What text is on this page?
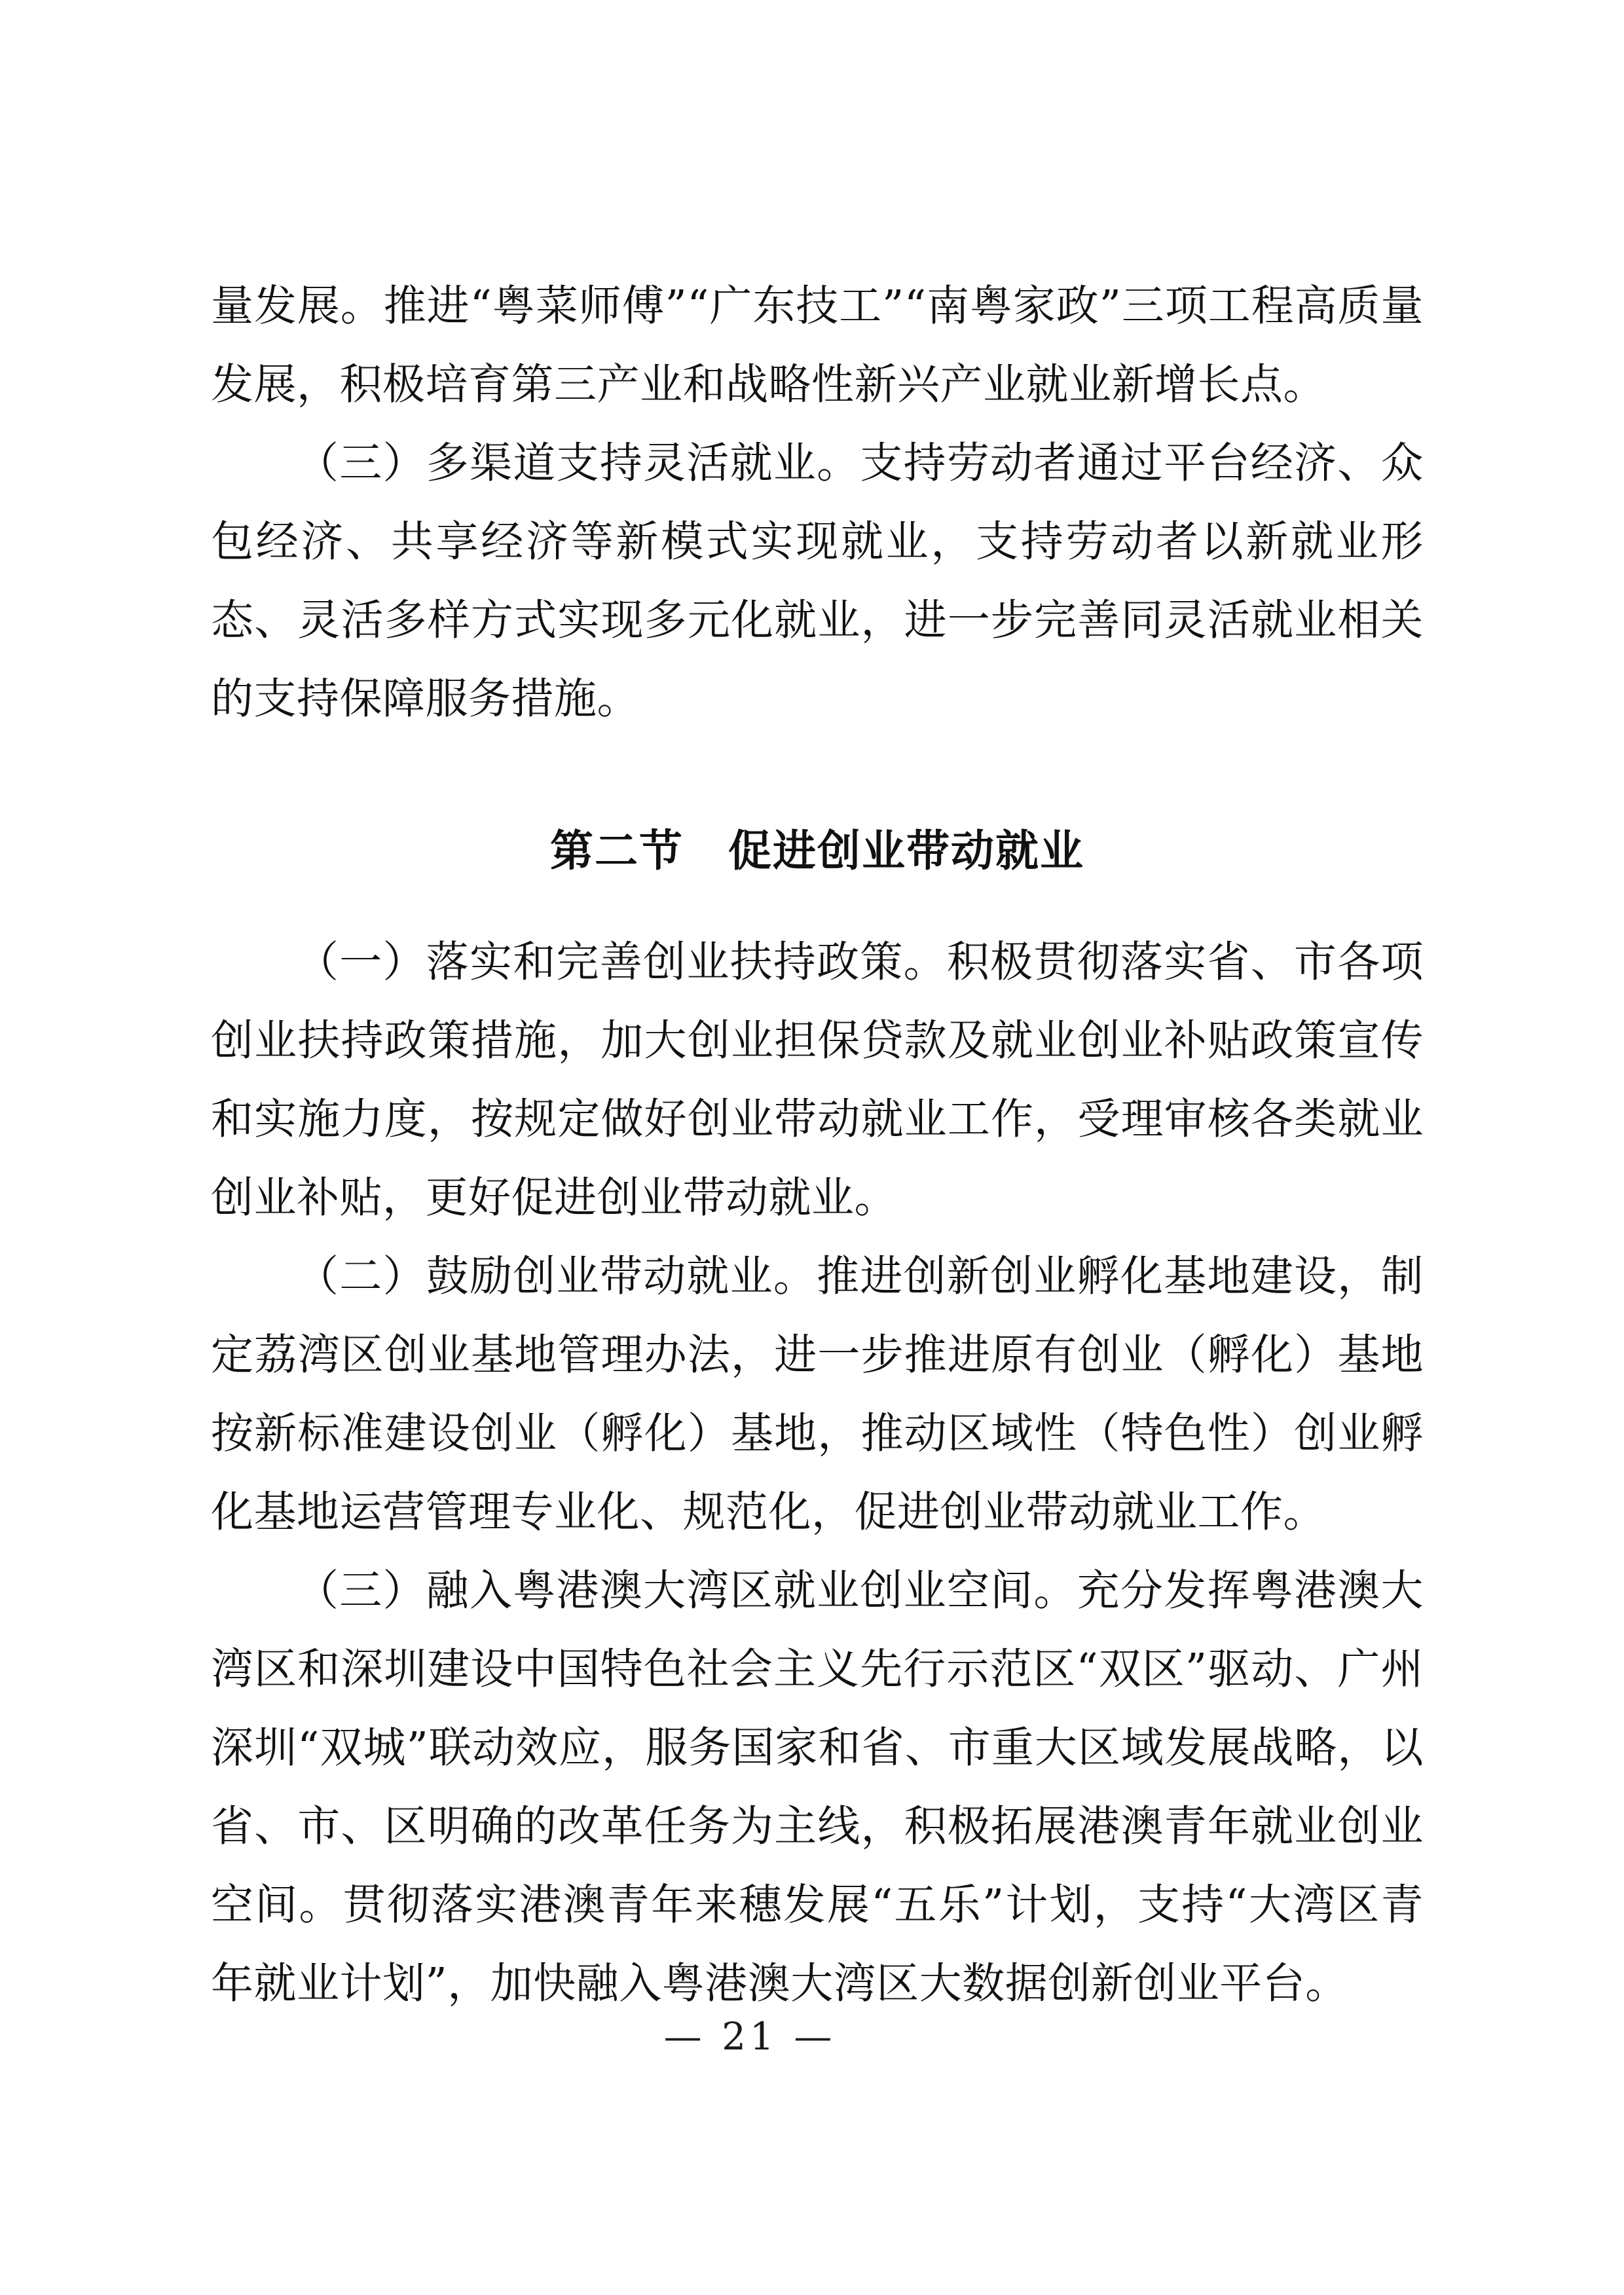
量发展。推进“粤菜师傅”“广东技工”“南粤家政”三项工程高质量发展，积极培育第三产业和战略性新兴产业就业新增长点。

（三）多渠道支持灵活就业。支持劳动者通过平台经济、众包经济、共享经济等新模式实现就业，支持劳动者以新就业形态、灵活多样方式实现多元化就业，进一步完善同灵活就业相关的支持保障服务措施。

第二节　促进创业带动就业

（一）落实和完善创业扶持政策。积极贯彻落实省、市各项创业扶持政策措施，加大创业担保贷款及就业创业补贴政策宣传和实施力度，按规定做好创业带动就业工作，受理审核各类就业创业补贴，更好促进创业带动就业。

（二）鼓励创业带动就业。推进创新创业孵化基地建设，制定荔湾区创业基地管理办法，进一步推进原有创业（孵化）基地按新标准建设创业（孵化）基地，推动区域性（特色性）创业孵化基地运营管理专业化、规范化，促进创业带动就业工作。

（三）融入粤港澳大湾区就业创业空间。充分发挥粤港澳大湾区和深圳建设中国特色社会主义先行示范区“双区”驱动、广州深圳“双城”联动效应，服务国家和省、市重大区域发展战略，以省、市、区明确的改革任务为主线，积极拓展港澳青年就业创业空间。贯彻落实港澳青年来穗发展“五乐”计划，支持“大湾区青年就业计划”，加快融入粤港澳大湾区大数据创新创业平台。

— 21 —
